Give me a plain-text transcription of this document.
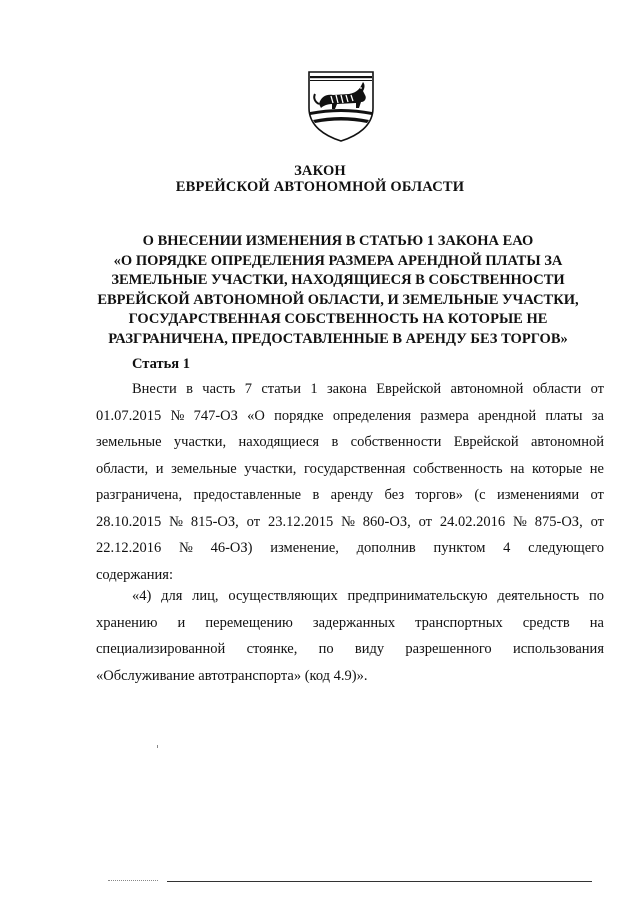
ЗАКОН
ЕВРЕЙСКОЙ АВТОНОМНОЙ ОБЛАСТИ
О ВНЕСЕНИИ ИЗМЕНЕНИЯ В СТАТЬЮ 1 ЗАКОНА ЕАО
«О ПОРЯДКЕ ОПРЕДЕЛЕНИЯ РАЗМЕРА АРЕНДНОЙ ПЛАТЫ ЗА
ЗЕМЕЛЬНЫЕ УЧАСТКИ, НАХОДЯЩИЕСЯ В СОБСТВЕННОСТИ
ЕВРЕЙСКОЙ АВТОНОМНОЙ ОБЛАСТИ, И ЗЕМЕЛЬНЫЕ УЧАСТКИ,
ГОСУДАРСТВЕННАЯ СОБСТВЕННОСТЬ НА КОТОРЫЕ НЕ
РАЗГРАНИЧЕНА, ПРЕДОСТАВЛЕННЫЕ В АРЕНДУ БЕЗ ТОРГОВ»
Статья 1
Внести в часть 7 статьи 1 закона Еврейской автономной области от
01.07.2015 № 747-ОЗ «О порядке определения размера арендной платы за
земельные участки, находящиеся в собственности Еврейской автономной
области, и земельные участки, государственная собственность на которые не
разграничена, предоставленные в аренду без торгов» (с изменениями от
28.10.2015 № 815-ОЗ, от 23.12.2015 № 860-ОЗ, от 24.02.2016 № 875-ОЗ, от
22.12.2016 № 46-ОЗ) изменение, дополнив пунктом 4 следующего
содержания:
«4) для лиц, осуществляющих предпринимательскую деятельность по
хранению и перемещению задержанных транспортных средств на
специализированной стоянке, по виду разрешенного использования
«Обслуживание автотранспорта» (код 4.9)».
